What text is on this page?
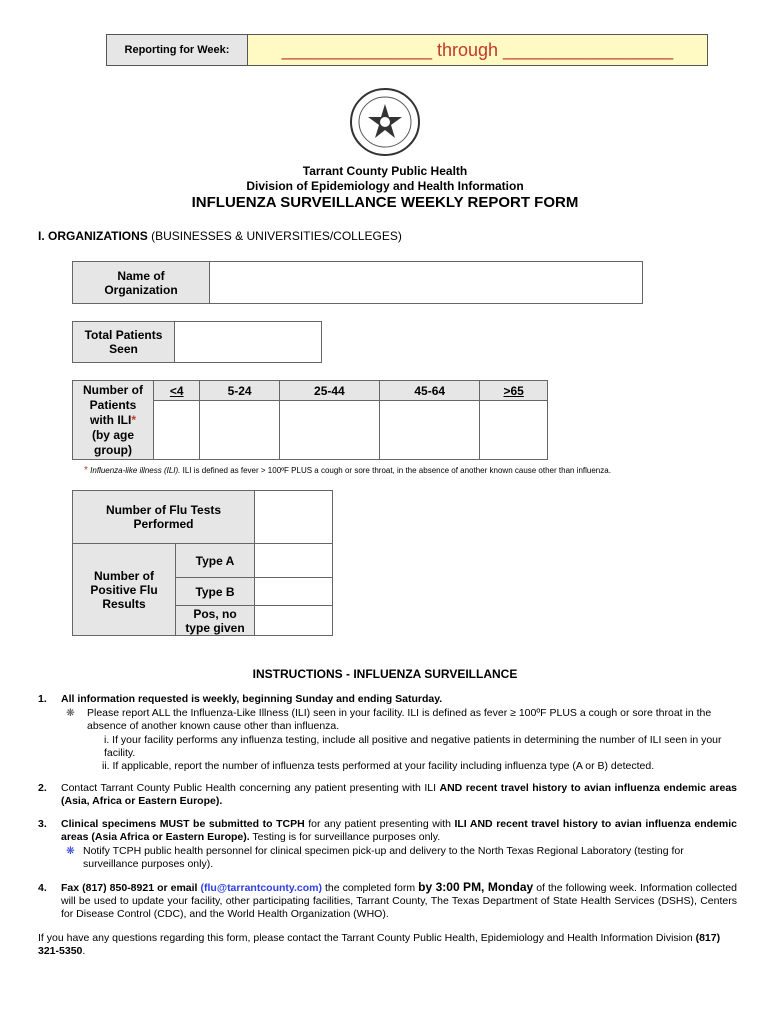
Reporting for Week:	_______________ through _________________
Tarrant County Public Health
Division of Epidemiology and Health Information
INFLUENZA SURVEILLANCE WEEKLY REPORT FORM
I. ORGANIZATIONS (BUSINESSES & UNIVERSITIES/COLLEGES)
Name of
Organization

Total Patients
Seen

Number of
Patients
with ILI*
(by age
group)	<4	5-24	25-44	45-64	>65

* Influenza-like illness (ILI). ILI is defined as fever > 100ºF PLUS a cough or sore throat, in the absence of another known cause other than influenza.
Number of Flu Tests
Performed		

Number of
Positive Flu
Results	Type A	
	Type B	

	Pos, no
type given	

INSTRUCTIONS - INFLUENZA SURVEILLANCE
1. All information requested is weekly, beginning Sunday and ending Saturday.
❋ Please report ALL the Influenza-Like Illness (ILI) seen in your facility. ILI is defined as fever ≥ 100ºF PLUS a cough or sore throat in the absence of another known cause other than influenza.
i. If your facility performs any influenza testing, include all positive and negative patients in determining the number of ILI seen in your facility.
ii. If applicable, report the number of influenza tests performed at your facility including influenza type (A or B) detected.
2. Contact Tarrant County Public Health concerning any patient presenting with ILI AND recent travel history to avian influenza endemic areas (Asia, Africa or Eastern Europe).
3. Clinical specimens MUST be submitted to TCPH for any patient presenting with ILI AND recent travel history to avian influenza endemic areas (Asia Africa or Eastern Europe). Testing is for surveillance purposes only.
❋ Notify TCPH public health personnel for clinical specimen pick-up and delivery to the North Texas Regional Laboratory (testing for surveillance purposes only).
4. Fax (817) 850-8921 or email (flu@tarrantcounty.com) the completed form by 3:00 PM, Monday of the following week. Information collected will be used to update your facility, other participating facilities, Tarrant County, The Texas Department of State Health Services (DSHS), Centers for Disease Control (CDC), and the World Health Organization (WHO).
If you have any questions regarding this form, please contact the Tarrant County Public Health, Epidemiology and Health Information Division (817) 321-5350.
